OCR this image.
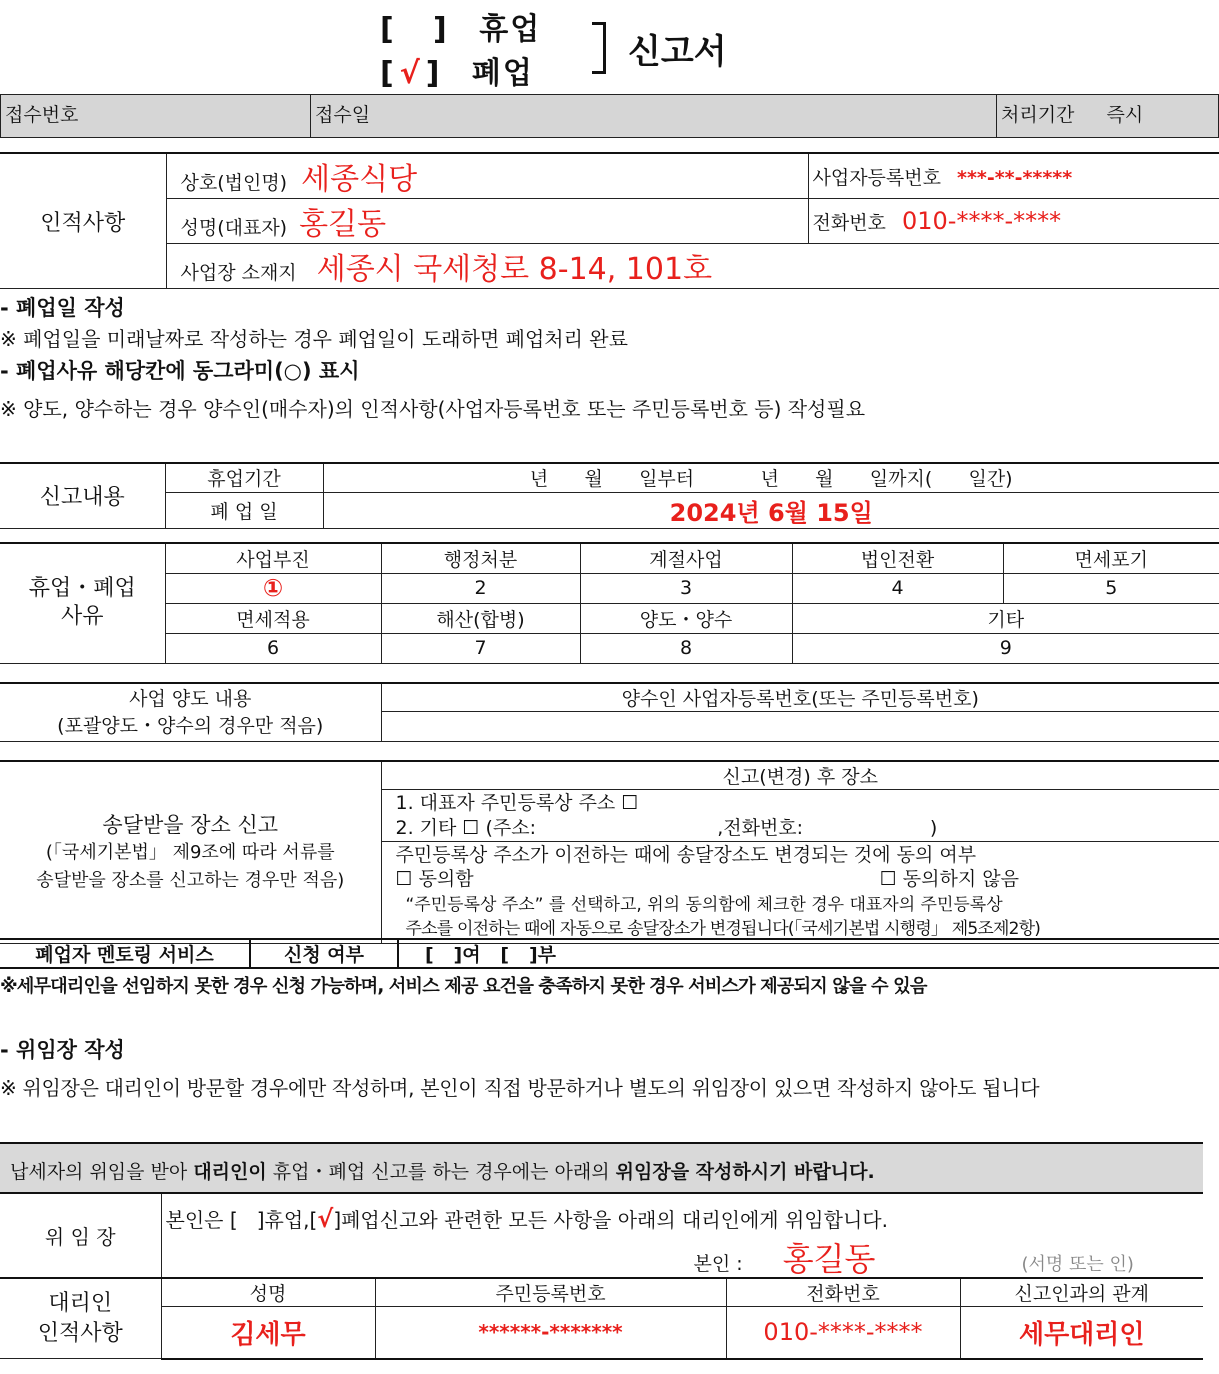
[   ] 휴업
[ √ ] 폐업
신고서
접수번호	접수일	처리기간 즉시
인적사항	상호(법인명) 세종식당	사업자등록번호 ***-**-*****
	성명(대표자) 홍길동	전화번호 010-****-****
	사업장 소재지 세종시 국세청로 8-14, 101호	
- 폐업일 작성
※ 폐업일을 미래날짜로 작성하는 경우 폐업일이 도래하면 폐업처리 완료
- 폐업사유 해당칸에 동그라미(○) 표시
※ 양도, 양수하는 경우 양수인(매수자)의 인적사항(사업자등록번호 또는 주민등록번호 등) 작성필요
신고내용	휴업기간	년      월      일부터           년      월      일까지(      일간)
	폐 업 일	2024년 6월 15일
휴업・폐업
사유	사업부진	행정처분	계절사업	법인전환	면세포기
	①	2	3	4	5
	면세적용	해산(합병)	양도・양수	기타	
	6	7	8	9	
사업 양도 내용
(포괄양도・양수의 경우만 적음)
	양수인 사업자등록번호(또는 주민등록번호)

송달받을 장소 신고
(「국세기본법」 제9조에 따라 서류를
송달받을 장소를 신고하는 경우만 적음)
	신고(변경) 후 장소

1. 대표자 주민등록상 주소 ☐
2. 기타 ☐ (주소:                              ,전화번호:                     )

주민등록상 주소가 이전하는 때에 송달장소도 변경되는 것에 동의 여부
☐ 동의함	☐ 동의하지 않음

“주민등록상 주소” 를 선택하고, 위의 동의함에 체크한 경우 대표자의 주민등록상
주소를 이전하는 때에 자동으로 송달장소가 변경됩니다(「국세기본법 시행령」 제5조제2항)
폐업자 멘토링 서비스	신청 여부	[   ]여   [   ]부
※세무대리인을 선임하지 못한 경우 신청 가능하며, 서비스 제공 요건을 충족하지 못한 경우 서비스가 제공되지 않을 수 있음
- 위임장 작성
※ 위임장은 대리인이 방문할 경우에만 작성하며, 본인이 직접 방문하거나 별도의 위임장이 있으면 작성하지 않아도 됩니다
납세자의 위임을 받아 대리인이 휴업・폐업 신고를 하는 경우에는 아래의 위임장을 작성하시기 바랍니다.
위 임 장	본인은 [   ]휴업,[√]폐업신고와 관련한 모든 사항을 아래의 대리인에게 위임합니다.
본인 : 홍길동 (서명 또는 인)			

대리인
인적사항	성명	주민등록번호	전화번호	신고인과의 관계
	김세무	******-*******	010-****-****	세무대리인
